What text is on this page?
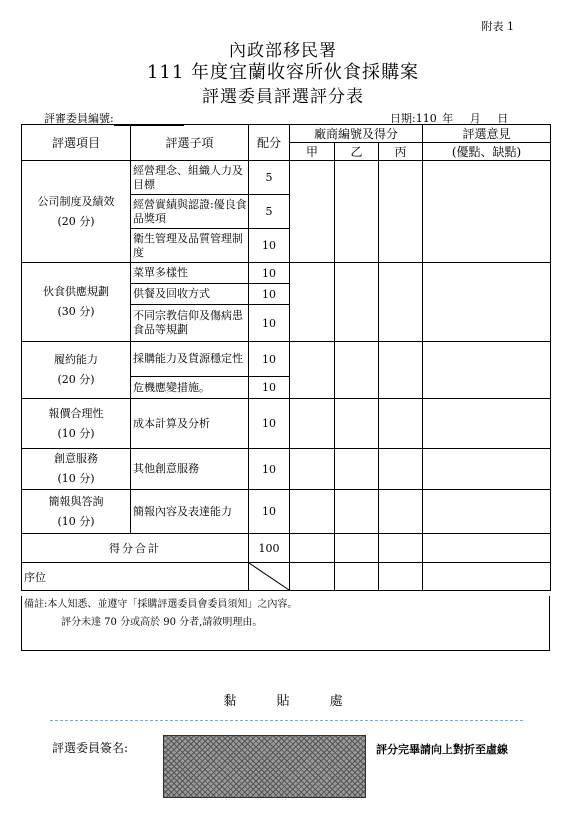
附表 1
內政部移民署
111 年度宜蘭收容所伙食採購案
評選委員評選評分表
評審委員編號:	日期:110 年　 月　 日
評選項目	評選子項	配分	廠商編號及得分			評選意見
			甲	乙	丙	(優點、缺點)

公司制度及績效
(20 分)	經營理念、組織人力及目標	5				
	經營實績與認證:優良食品獎項	5				
	衛生管理及品質管理制度	10				

伙食供應規劃
(30 分)	菜單多樣性	10				
	供餐及回收方式	10				
	不同宗教信仰及傷病患食品等規劃	10				

履約能力
(20 分)	採購能力及貨源穩定性	10				
	危機應變措施。	10				

報價合理性
(10 分)	成本計算及分析	10				

創意服務
(10 分)	其他創意服務	10				

簡報與答詢
(10 分)	簡報內容及表達能力	10				
得分合計		100				
序位	

備註:本人知悉、並遵守「採購評選委員會委員須知」之內容。
評分未達 70 分或高於 90 分者,請敘明理由。
黏	貼	處
評選委員簽名:	評分完畢請向上對折至虛線
